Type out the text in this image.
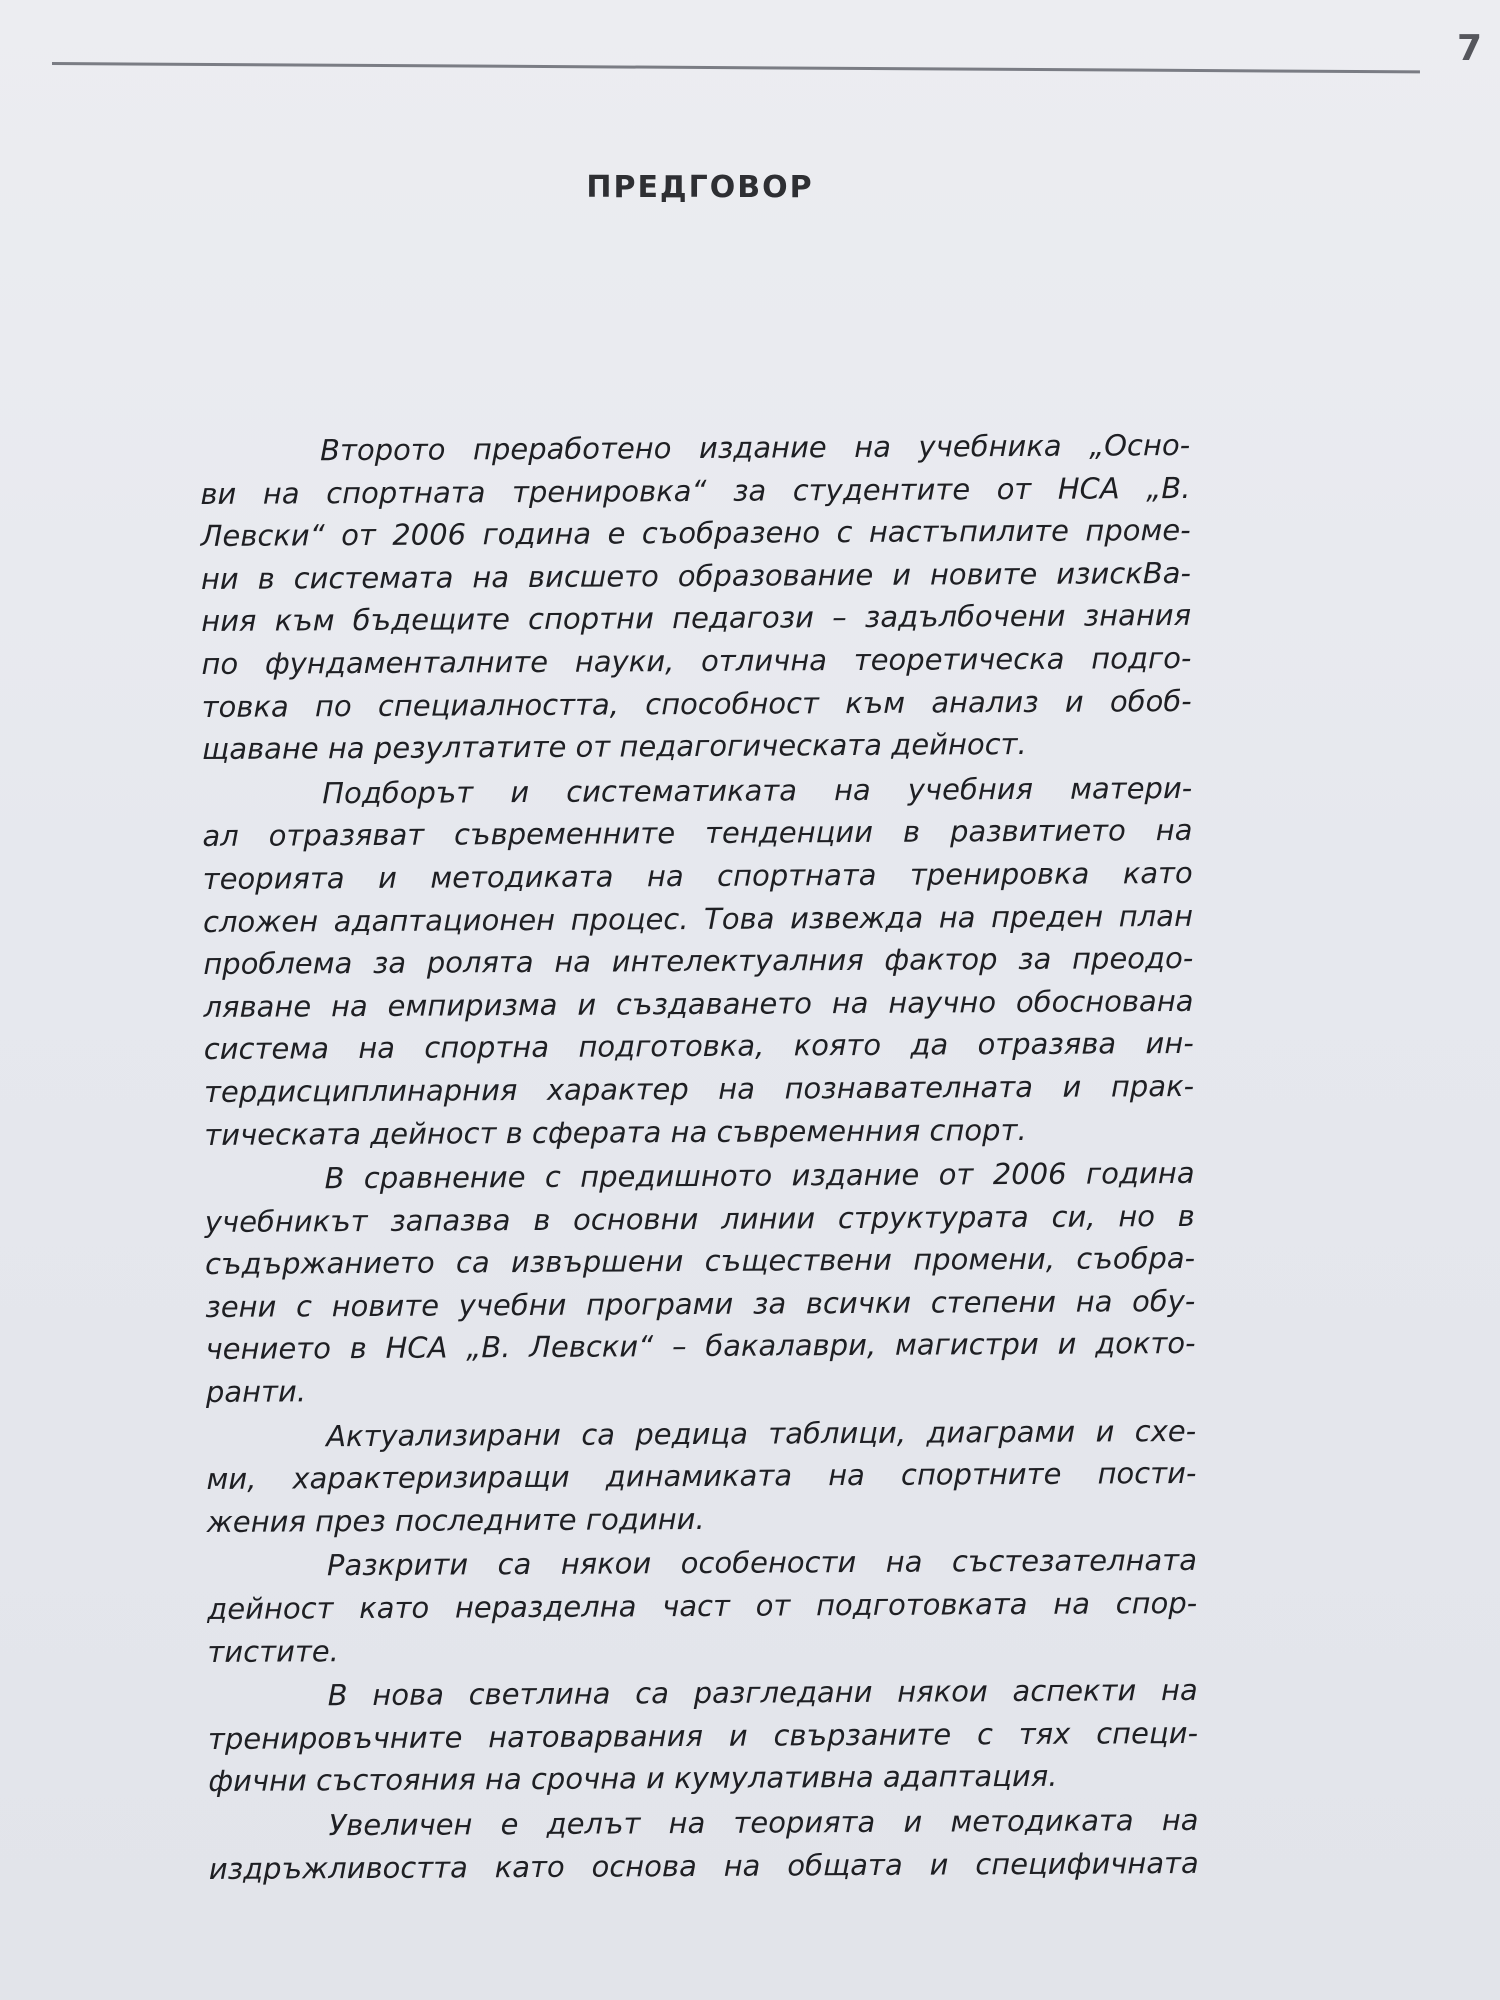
7
ПРЕДГОВОР

Второто преработено издание на учебника „Осно-
ви на спортната тренировка“ за студентите от НСА „В.
Левски“ от 2006 година е съобразено с настъпилите проме-
ни в системата на висшето образование и новите изискВа-
ния към бъдещите спортни педагози – задълбочени знания
по фундаменталните науки, отлична теоретическа подго-
товка по специалността, способност към анализ и обоб-
щаване на резултатите от педагогическата дейност.

Подборът и систематиката на учебния матери-
ал отразяват съвременните тенденции в развитието на
теорията и методиката на спортната тренировка като
сложен адаптационен процес. Това извежда на преден план
проблема за ролята на интелектуалния фактор за преодо-
ляване на емпиризма и създаването на научно обоснована
система на спортна подготовка, която да отразява ин-
тердисциплинарния характер на познавателната и прак-
тическата дейност в сферата на съвременния спорт.

В сравнение с предишното издание от 2006 година
учебникът запазва в основни линии структурата си, но в
съдържанието са извършени съществени промени, съобра-
зени с новите учебни програми за всички степени на обу-
чението в НСА „В. Левски“ – бакалаври, магистри и докто-
ранти.

Актуализирани са редица таблици, диаграми и схе-
ми, характеризиращи динамиката на спортните пости-
жения през последните години.

Разкрити са някои особености на състезателната
дейност като неразделна част от подготовката на спор-
тистите.

В нова светлина са разгледани някои аспекти на
тренировъчните натоварвания и свързаните с тях специ-
фични състояния на срочна и кумулативна адаптация.

Увеличен е делът на теорията и методиката на
издръжливостта като основа на общата и специфичната
